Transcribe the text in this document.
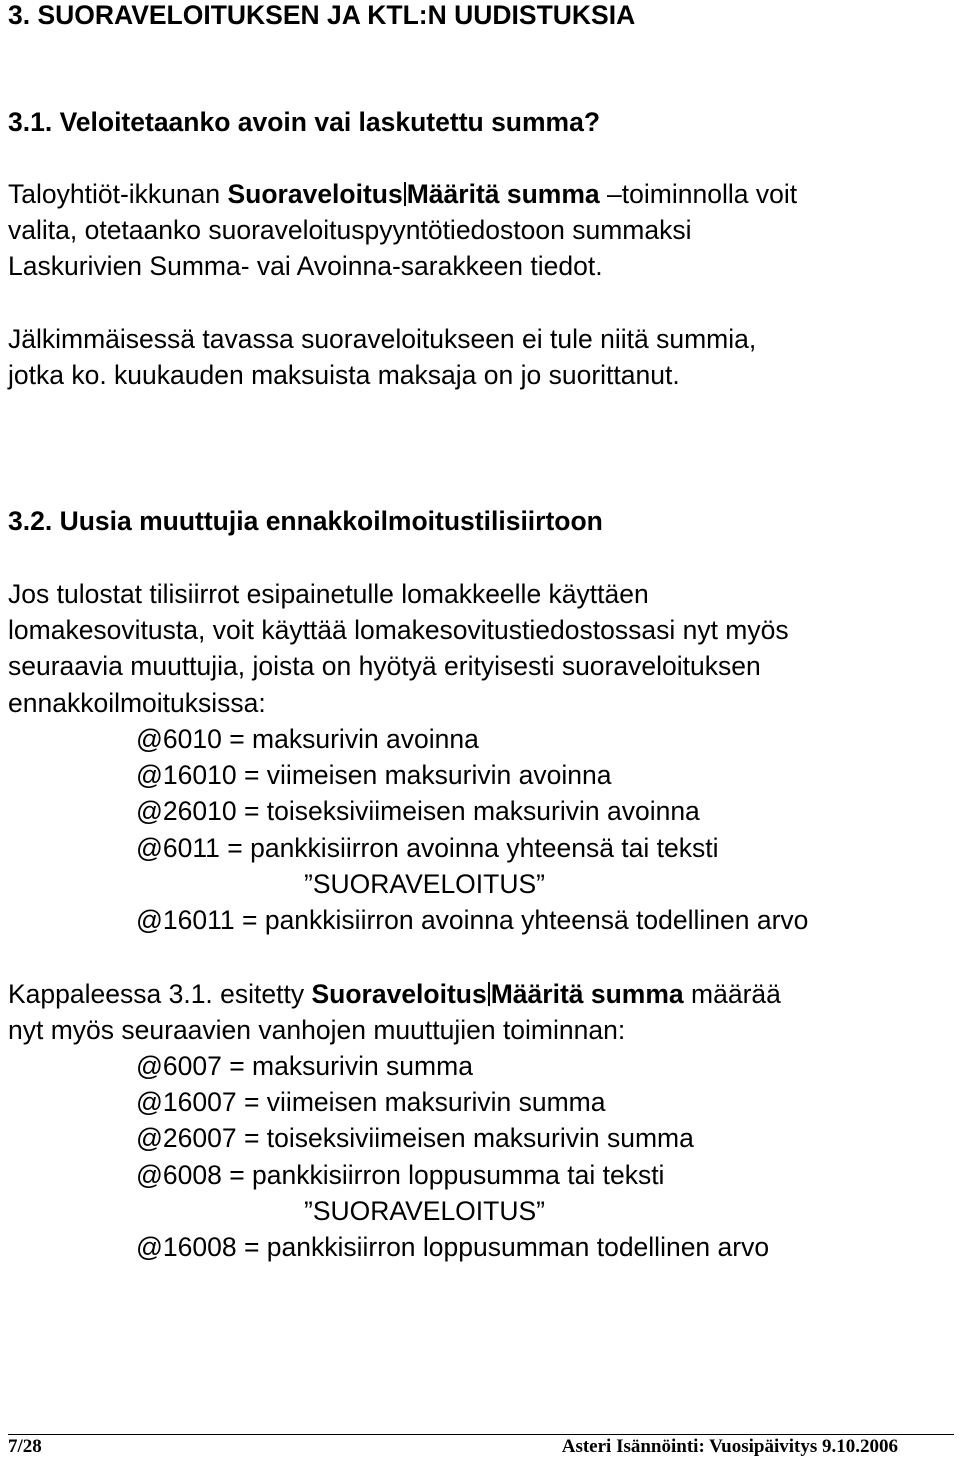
3. SUORAVELOITUKSEN JA KTL:N UUDISTUKSIA
3.1. Veloitetaanko avoin vai laskutettu summa?
Taloyhtiöt-ikkunan Suoraveloitus Määritä summa –toiminnolla voit
valita, otetaanko suoraveloituspyyntötiedostoon summaksi
Laskurivien Summa- vai Avoinna-sarakkeen tiedot.
Jälkimmäisessä tavassa suoraveloitukseen ei tule niitä summia,
jotka ko. kuukauden maksuista maksaja on jo suorittanut.
3.2. Uusia muuttujia ennakkoilmoitustilisiirtoon
Jos tulostat tilisiirrot esipainetulle lomakkeelle käyttäen
lomakesovitusta, voit käyttää lomakesovitustiedostossasi nyt myös
seuraavia muuttujia, joista on hyötyä erityisesti suoraveloituksen
ennakkoilmoituksissa:
@6010 = maksurivin avoinna
@16010 = viimeisen maksurivin avoinna
@26010 = toiseksiviimeisen maksurivin avoinna
@6011 = pankkisiirron avoinna yhteensä tai teksti
”SUORAVELOITUS”
@16011 = pankkisiirron avoinna yhteensä todellinen arvo
Kappaleessa 3.1. esitetty Suoraveloitus Määritä summa määrää
nyt myös seuraavien vanhojen muuttujien toiminnan:
@6007 = maksurivin summa
@16007 = viimeisen maksurivin summa
@26007 = toiseksiviimeisen maksurivin summa
@6008 = pankkisiirron loppusumma tai teksti
”SUORAVELOITUS”
@16008 = pankkisiirron loppusumman todellinen arvo
7/28	Asteri Isännöinti: Vuosipäivitys 9.10.2006
